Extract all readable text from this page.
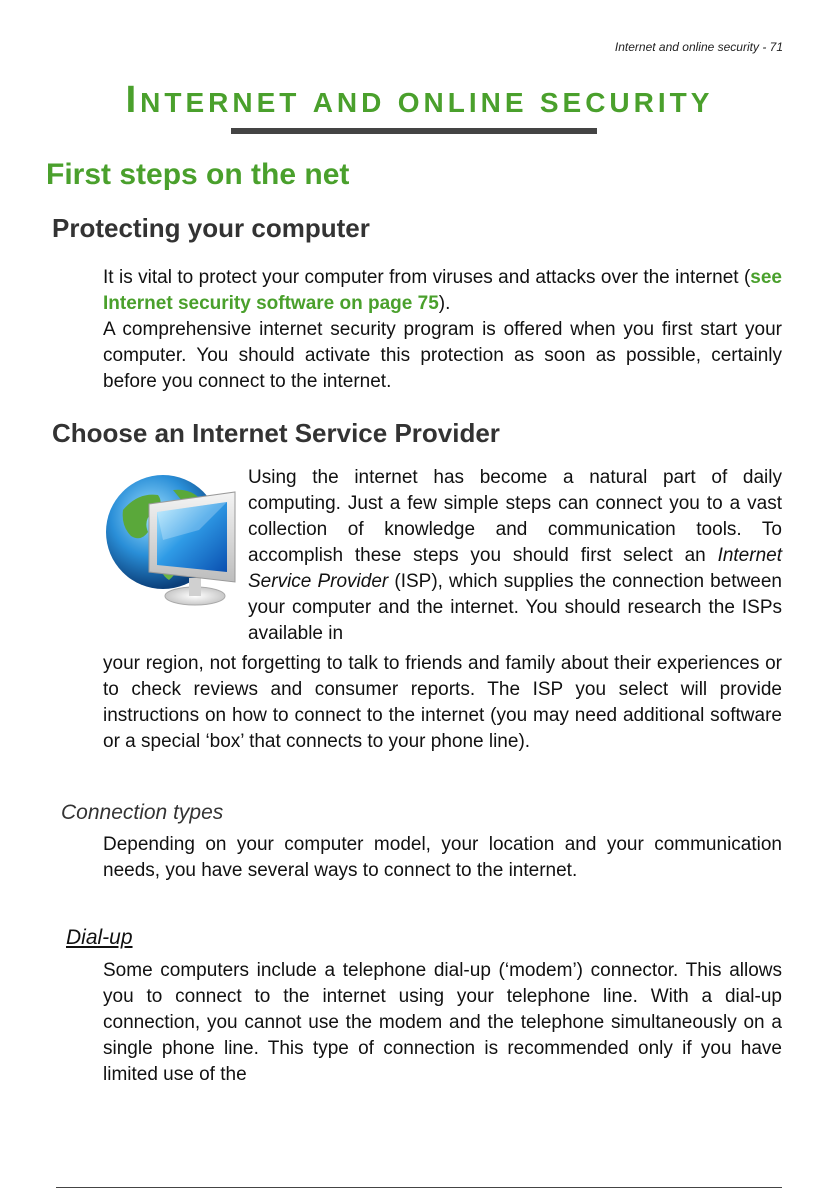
Internet and online security - 71
INTERNET AND ONLINE SECURITY
First steps on the net
Protecting your computer

It is vital to protect your computer from viruses and attacks over the internet (see Internet security software on page 75).

A comprehensive internet security program is offered when you first start your computer. You should activate this protection as soon as possible, certainly before you connect to the internet.

Choose an Internet Service Provider

Using the internet has become a natural part of daily computing. Just a few simple steps can connect you to a vast collection of knowledge and communication tools. To accomplish these steps you should first select an Internet Service Provider (ISP), which supplies the connection between your computer and the internet. You should research the ISPs available in

your region, not forgetting to talk to friends and family about their experiences or to check reviews and consumer reports. The ISP you select will provide instructions on how to connect to the internet (you may need additional software or a special ‘box’ that connects to your phone line).

Connection types

Depending on your computer model, your location and your communication needs, you have several ways to connect to the internet.

Dial-up

Some computers include a telephone dial-up (‘modem’) connector. This allows you to connect to the internet using your telephone line. With a dial-up connection, you cannot use the modem and the telephone simultaneously on a single phone line. This type of connection is recommended only if you have limited use of the
